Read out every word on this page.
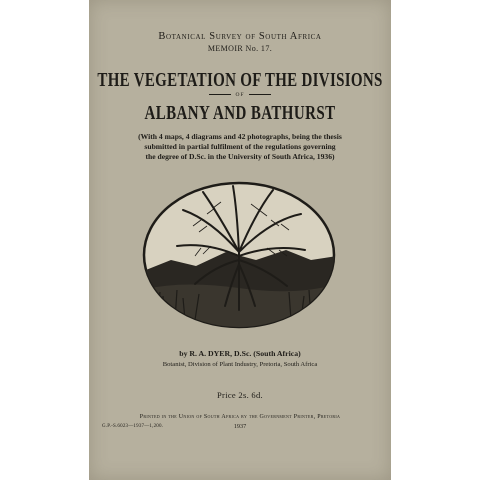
Botanical Survey of South Africa
MEMOIR No. 17.
THE VEGETATION OF THE DIVISIONS
OF
ALBANY AND BATHURST
(With 4 maps, 4 diagrams and 42 photographs, being the thesis
submitted in partial fulfilment of the regulations governing
the degree of D.Sc. in the University of South Africa, 1936)
by R. A. DYER, D.Sc. (South Africa)
Botanist, Division of Plant Industry, Pretoria, South Africa
Price 2s. 6d.
Printed in the Union of South Africa by the Government Printer, Pretoria
G.P.-S.6023—1937—1,200.	1937
